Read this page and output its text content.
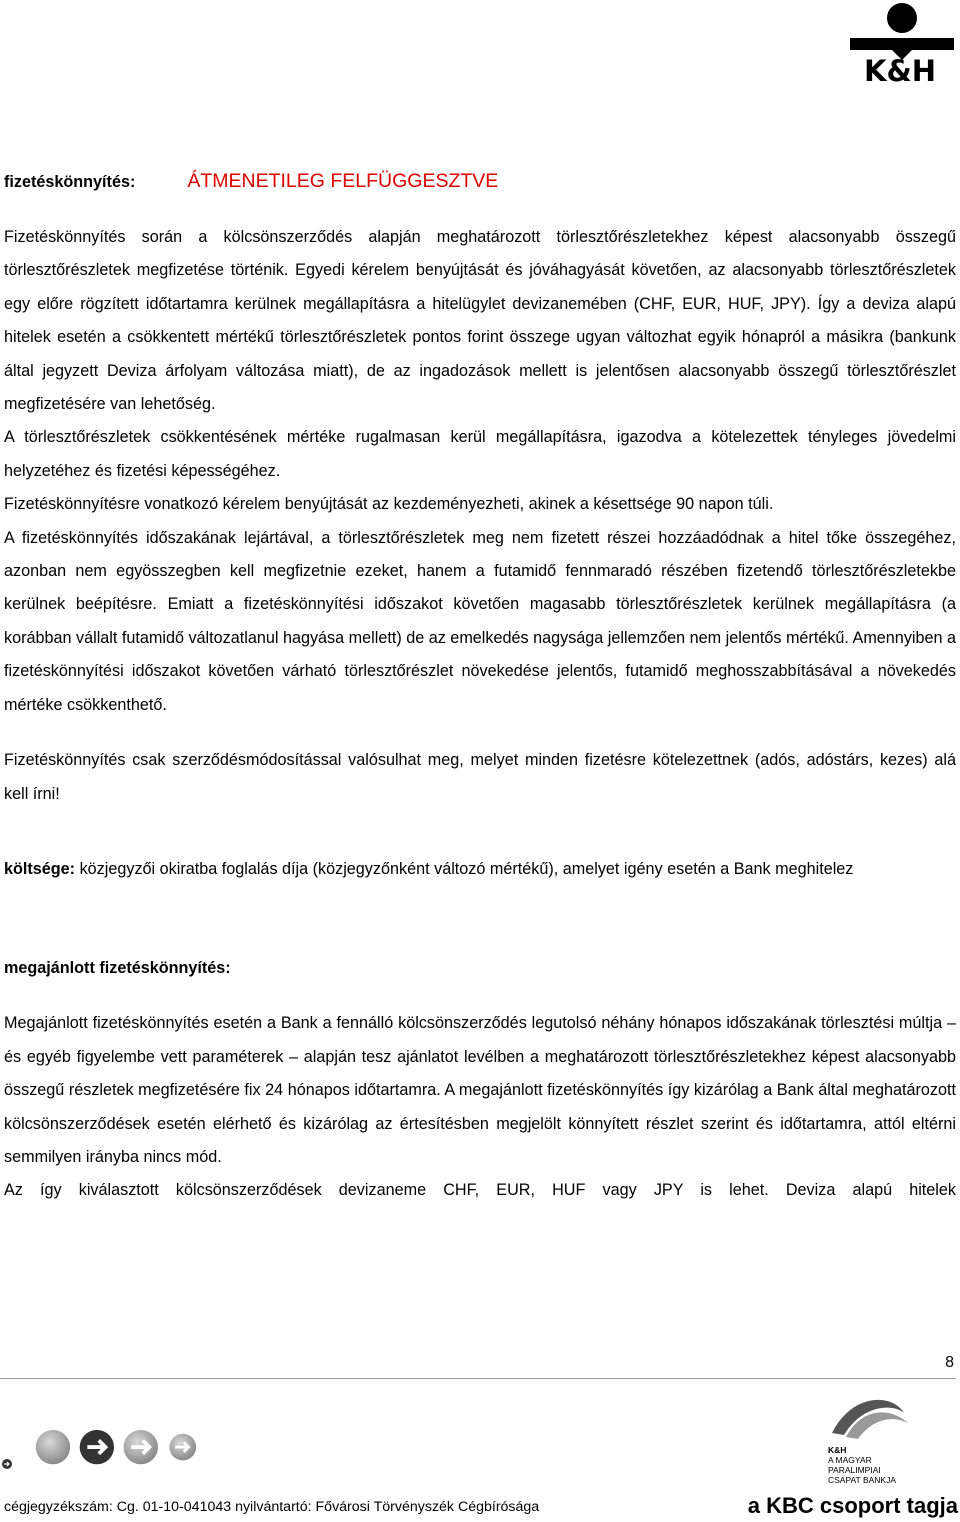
K&H
fizetéskönnyítés:	ÁTMENETILEG FELFÜGGESZTVE

Fizetéskönnyítés során a kölcsönszerződés alapján meghatározott törlesztőrészletekhez képest alacsonyabb összegű törlesztőrészletek megfizetése történik. Egyedi kérelem benyújtását és jóváhagyását követően, az alacsonyabb törlesztőrészletek egy előre rögzített időtartamra kerülnek megállapításra a hitelügylet devizanemében (CHF, EUR, HUF, JPY). Így a deviza alapú hitelek esetén a csökkentett mértékű törlesztőrészletek pontos forint összege ugyan változhat egyik hónapról a másikra (bankunk által jegyzett Deviza árfolyam változása miatt), de az ingadozások mellett is jelentősen alacsonyabb összegű törlesztőrészlet megfizetésére van lehetőség.

A törlesztőrészletek csökkentésének mértéke rugalmasan kerül megállapításra, igazodva a kötelezettek tényleges jövedelmi helyzetéhez és fizetési képességéhez.

Fizetéskönnyítésre vonatkozó kérelem benyújtását az kezdeményezheti, akinek a késettsége 90 napon túli.

A fizetéskönnyítés időszakának lejártával, a törlesztőrészletek meg nem fizetett részei hozzáadódnak a hitel tőke összegéhez, azonban nem egyösszegben kell megfizetnie ezeket, hanem a futamidő fennmaradó részében fizetendő törlesztőrészletekbe kerülnek beépítésre. Emiatt a fizetéskönnyítési időszakot követően magasabb törlesztőrészletek kerülnek megállapításra (a korábban vállalt futamidő változatlanul hagyása mellett) de az emelkedés nagysága jellemzően nem jelentős mértékű. Amennyiben a fizetéskönnyítési időszakot követően várható törlesztőrészlet növekedése jelentős, futamidő meghosszabbításával a növekedés mértéke csökkenthető.

Fizetéskönnyítés csak szerződésmódosítással valósulhat meg, melyet minden fizetésre kötelezettnek (adós, adóstárs, kezes) alá kell írni!

költsége: közjegyzői okiratba foglalás díja (közjegyzőnként változó mértékű), amelyet igény esetén a Bank meghitelez

megajánlott fizetéskönnyítés:

Megajánlott fizetéskönnyítés esetén a Bank a fennálló kölcsönszerződés legutolsó néhány hónapos időszakának törlesztési múltja – és egyéb figyelembe vett paraméterek – alapján tesz ajánlatot levélben a meghatározott törlesztőrészletekhez képest alacsonyabb összegű részletek megfizetésére fix 24 hónapos időtartamra. A megajánlott fizetéskönnyítés így kizárólag a Bank által meghatározott kölcsönszerződések esetén elérhető és kizárólag az értesítésben megjelölt könnyített részlet szerint és időtartamra, attól eltérni semmilyen irányba nincs mód.

Az így kiválasztott kölcsönszerződések devizaneme CHF, EUR, HUF vagy JPY is lehet. Deviza alapú hitelek

8
K&H
A MAGYAR
PARALIMPIAI
CSAPAT BANKJA
cégjegyzékszám: Cg. 01-10-041043 nyilvántartó: Fővárosi Törvényszék Cégbírósága	a KBC csoport tagja
